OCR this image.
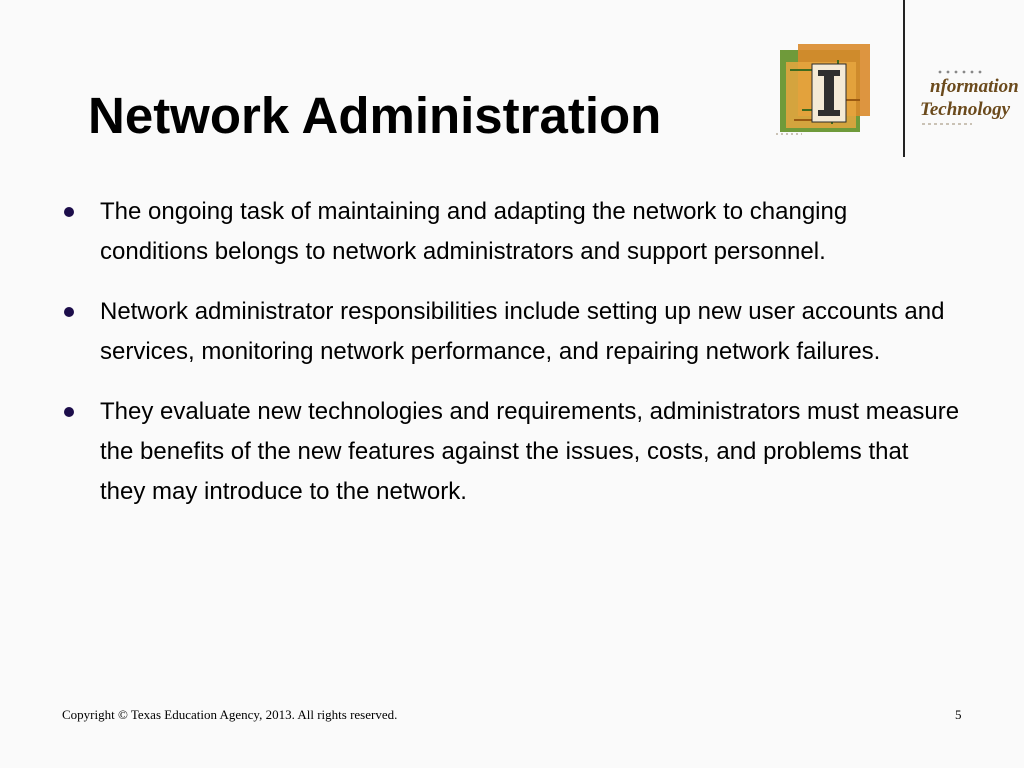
Network Administration
nformation
Technology
The ongoing task of maintaining and adapting the network to changing conditions belongs to network administrators and support personnel.
Network administrator responsibilities include setting up new user accounts and services, monitoring network performance, and repairing network failures.
They evaluate new technologies and requirements, administrators must measure the benefits of the new features against the issues, costs, and problems that they may introduce to the network.
Copyright © Texas Education Agency, 2013. All rights reserved.	5
